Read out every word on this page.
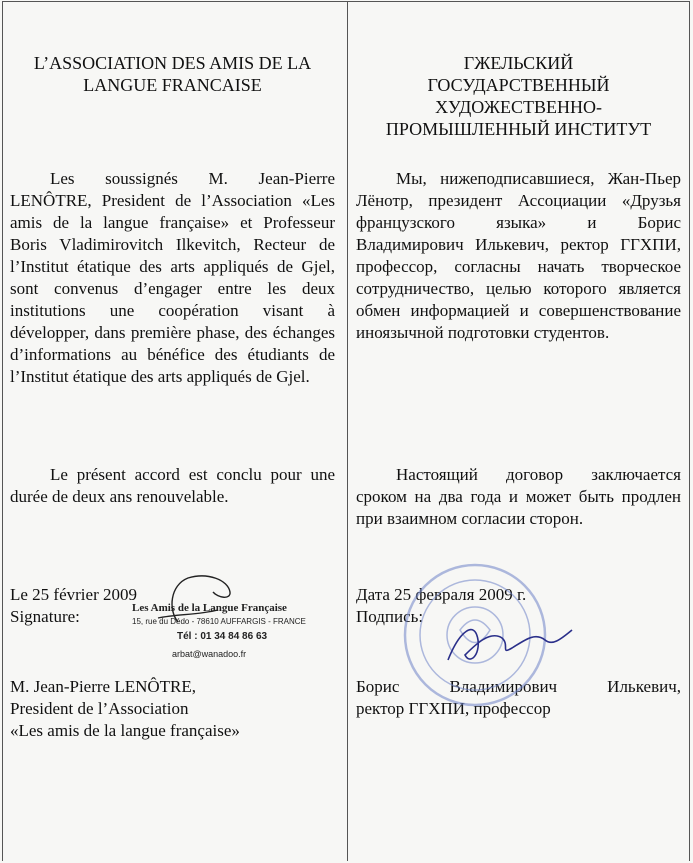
L’ASSOCIATION DES AMIS DE LA
LANGUE FRANCAISE

Les soussignés M. Jean-Pierre LENÔTRE, President de l’Association «Les amis de la langue française» et Professeur Boris Vladimirovitch Ilkevitch, Recteur de l’Institut étatique des arts appliqués de Gjel, sont convenus d’engager entre les deux institutions une coopération visant à développer, dans première phase, des échanges d’informations au bénéfice des étudiants de l’Institut étatique des arts appliqués de Gjel.

Le présent accord est conclu pour une durée de deux ans renouvelable.

Le 25 février 2009
Signature:
M. Jean-Pierre LENÔTRE,
President de l’Association
«Les amis de la langue française»
Les Amis de la Langue Française
15, rue du Dédo - 78610 AUFFARGIS - FRANCE
Tél : 01 34 84 86 63
arbat@wanadoo.fr
ГЖЕЛЬСКИЙ
ГОСУДАРСТВЕННЫЙ
ХУДОЖЕСТВЕННО-
ПРОМЫШЛЕННЫЙ ИНСТИТУТ

Мы, нижеподписавшиеся, Жан-Пьер Лёнотр, президент Ассоциации «Друзья французского языка» и Борис Владимирович Илькевич, ректор ГГХПИ, профессор, согласны начать творческое сотрудничество, целью которого является обмен информацией и совершенствование иноязычной подготовки студентов.

Настоящий договор заключается сроком на два года и может быть продлен при взаимном согласии сторон.

Дата 25 февраля 2009 г.
Подпись:
Борис Владимирович Илькевич,
ректор ГГХПИ, профессор
